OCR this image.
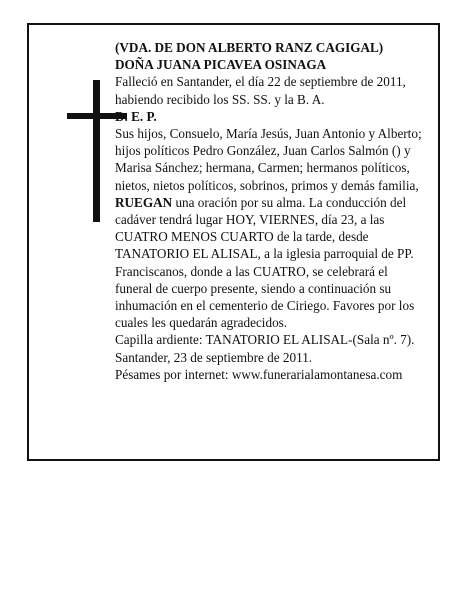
(VDA. DE DON ALBERTO RANZ CAGIGAL)

DOÑA JUANA PICAVEA OSINAGA

Falleció en Santander, el día 22 de septiembre de 2011, habiendo recibido los SS. SS. y la B. A.

D. E. P.

Sus hijos, Consuelo, María Jesús, Juan Antonio y Alberto; hijos políticos Pedro González, Juan Carlos Salmón () y Marisa Sánchez; hermana, Carmen; hermanos políticos, nietos, nietos políticos, sobrinos, primos y demás familia,

RUEGAN una oración por su alma. La conducción del cadáver tendrá lugar HOY, VIERNES, día 23, a las CUATRO MENOS CUARTO de la tarde, desde TANATORIO EL ALISAL, a la iglesia parroquial de PP. Franciscanos, donde a las CUATRO, se celebrará el funeral de cuerpo presente, siendo a continuación su inhumación en el cementerio de Ciriego. Favores por los cuales les quedarán agradecidos.

Capilla ardiente: TANATORIO EL ALISAL-(Sala nº. 7).

Santander, 23 de septiembre de 2011.

Pésames por internet: www.funerarialamontanesa.com
